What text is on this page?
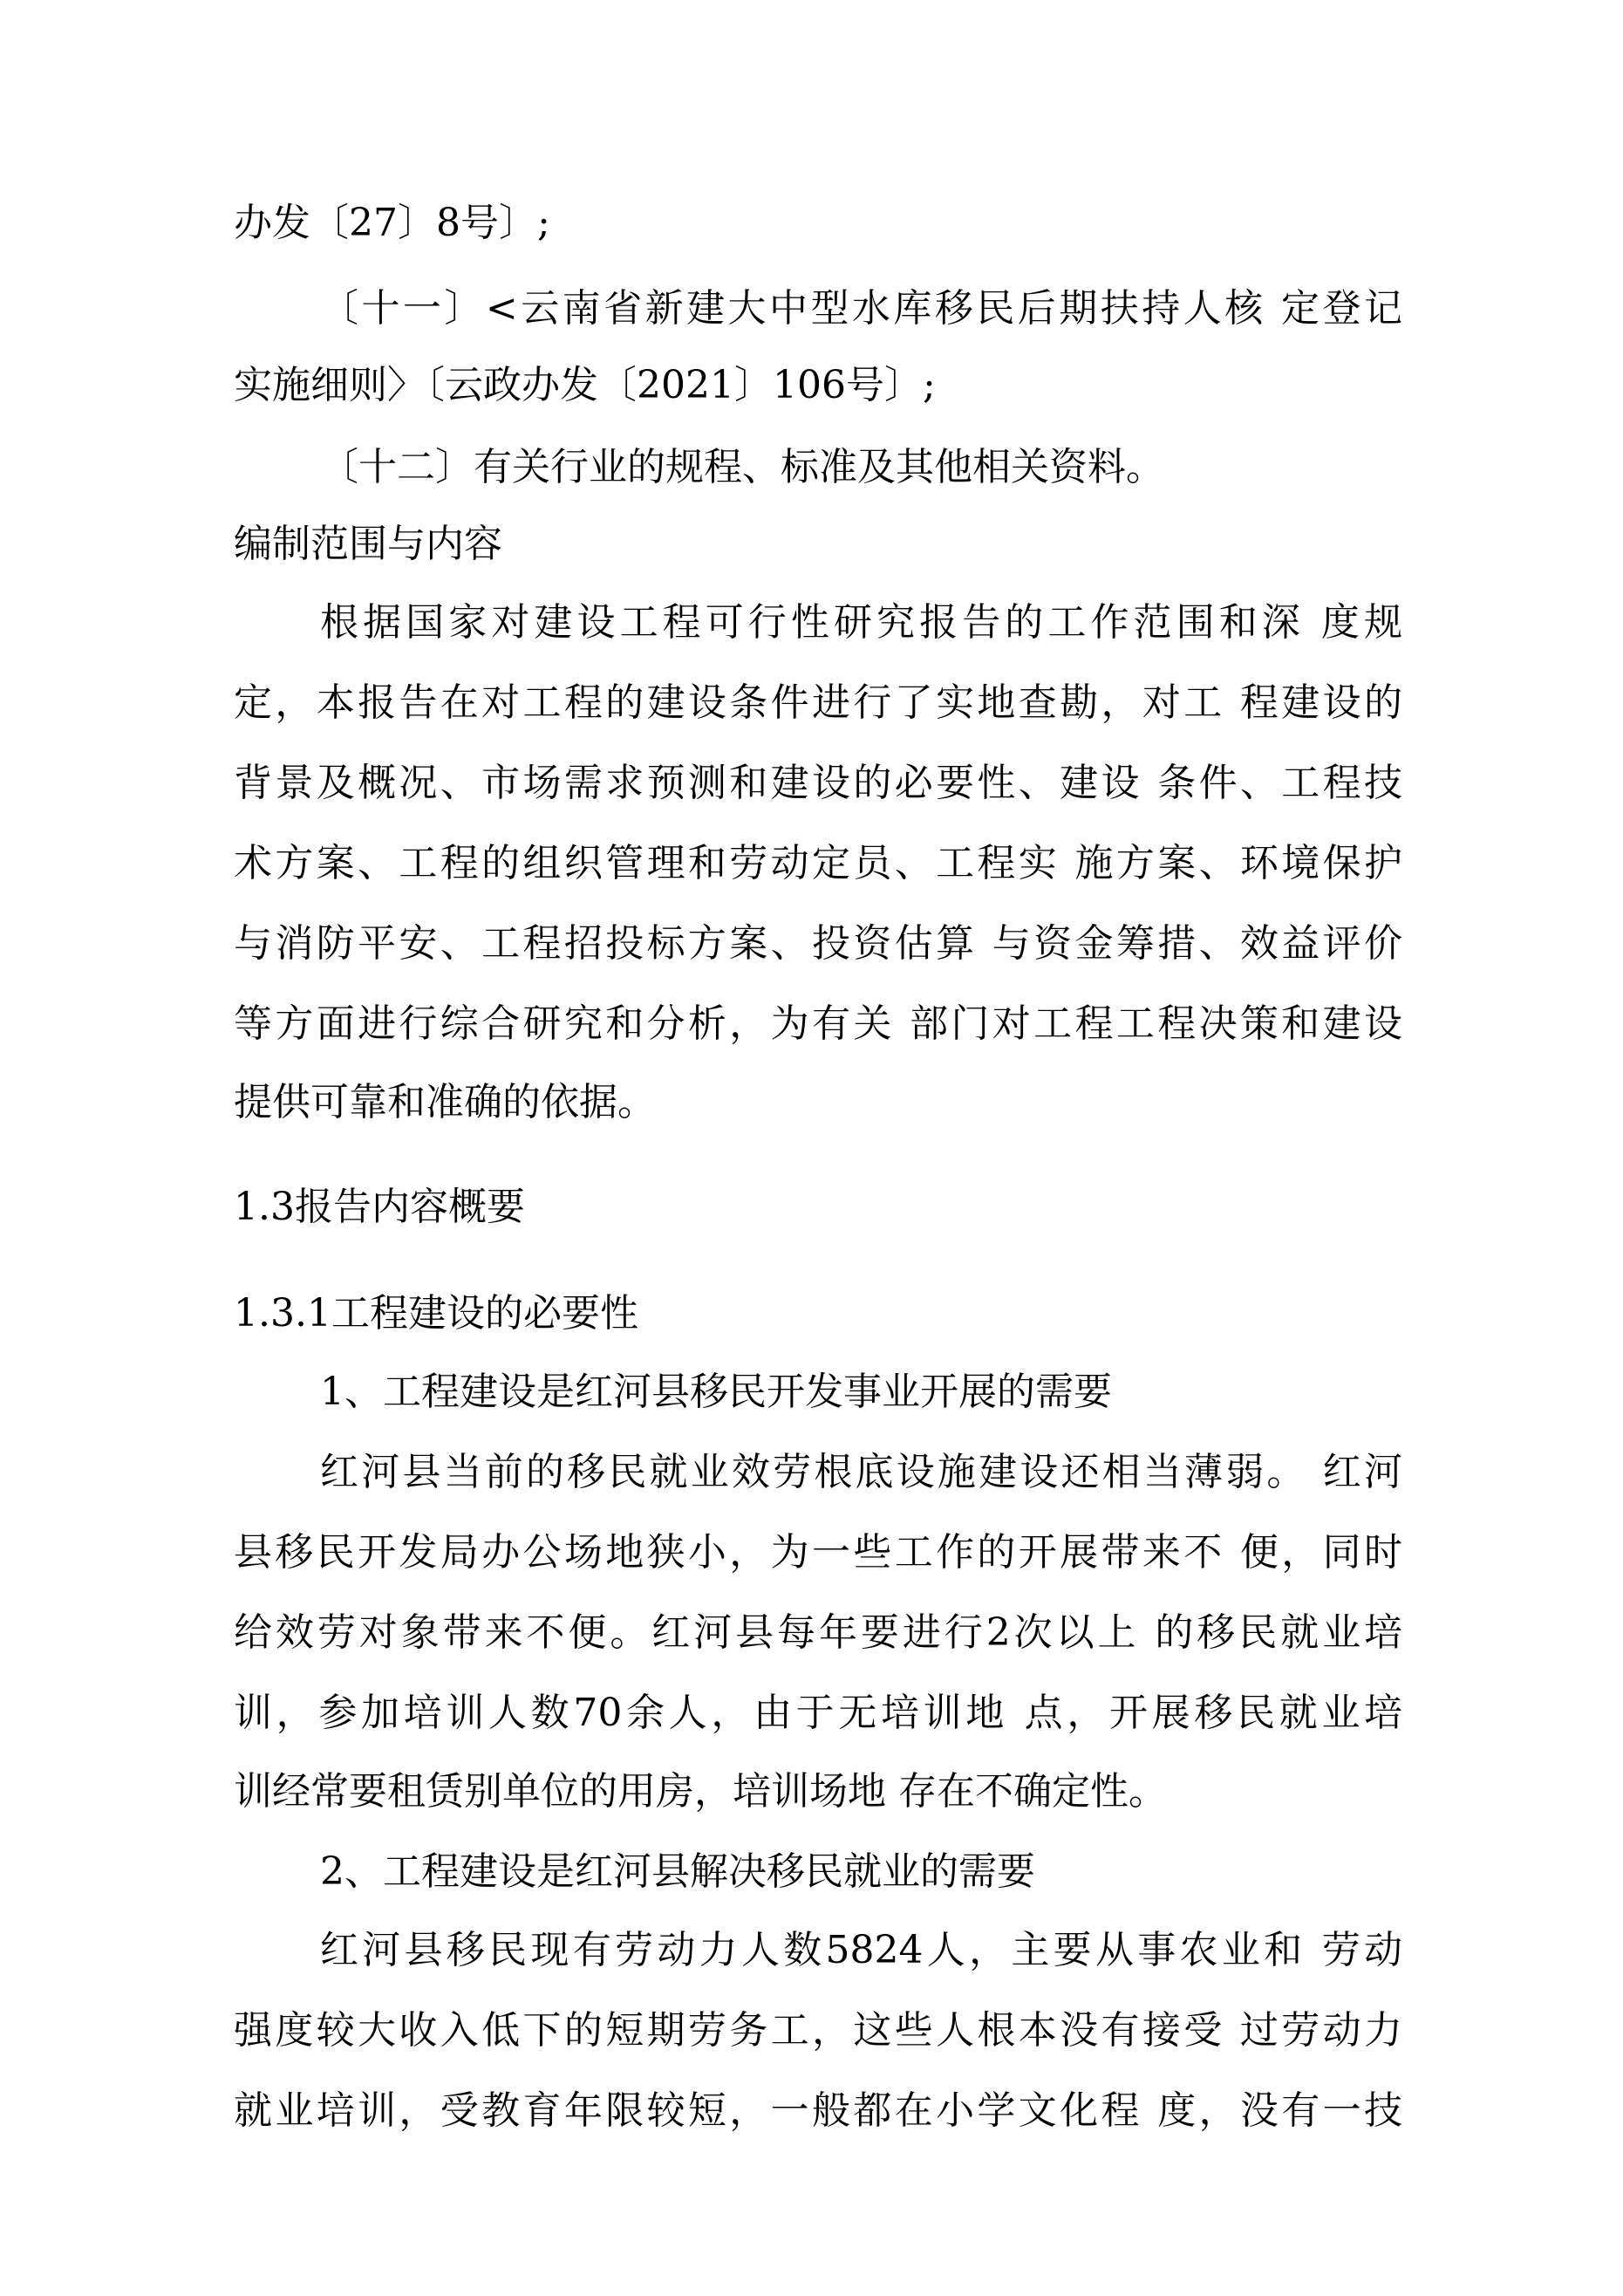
办发〔27〕8号〕;

〔十一〕<云南省新建大中型水库移民后期扶持人核 定登记

实施细则〉〔云政办发〔2021〕106号〕;

〔十二〕有关行业的规程、标准及其他相关资料。

编制范围与内容

根据国家对建设工程可行性研究报告的工作范围和深 度规

定，本报告在对工程的建设条件进行了实地查勘，对工 程建设的

背景及概况、市场需求预测和建设的必要性、建设 条件、工程技

术方案、工程的组织管理和劳动定员、工程实 施方案、环境保护

与消防平安、工程招投标方案、投资估算 与资金筹措、效益评价

等方面进行综合研究和分析，为有关 部门对工程工程决策和建设

提供可靠和准确的依据。

1.3报告内容概要

1.3.1工程建设的必要性

1、工程建设是红河县移民开发事业开展的需要

红河县当前的移民就业效劳根底设施建设还相当薄弱。 红河

县移民开发局办公场地狭小，为一些工作的开展带来不 便，同时

给效劳对象带来不便。红河县每年要进行2次以上 的移民就业培

训，参加培训人数70余人，由于无培训地 点，开展移民就业培

训经常要租赁别单位的用房，培训场地 存在不确定性。

2、工程建设是红河县解决移民就业的需要

红河县移民现有劳动力人数5824人，主要从事农业和 劳动

强度较大收入低下的短期劳务工，这些人根本没有接受 过劳动力

就业培训，受教育年限较短，一般都在小学文化程 度，没有一技
